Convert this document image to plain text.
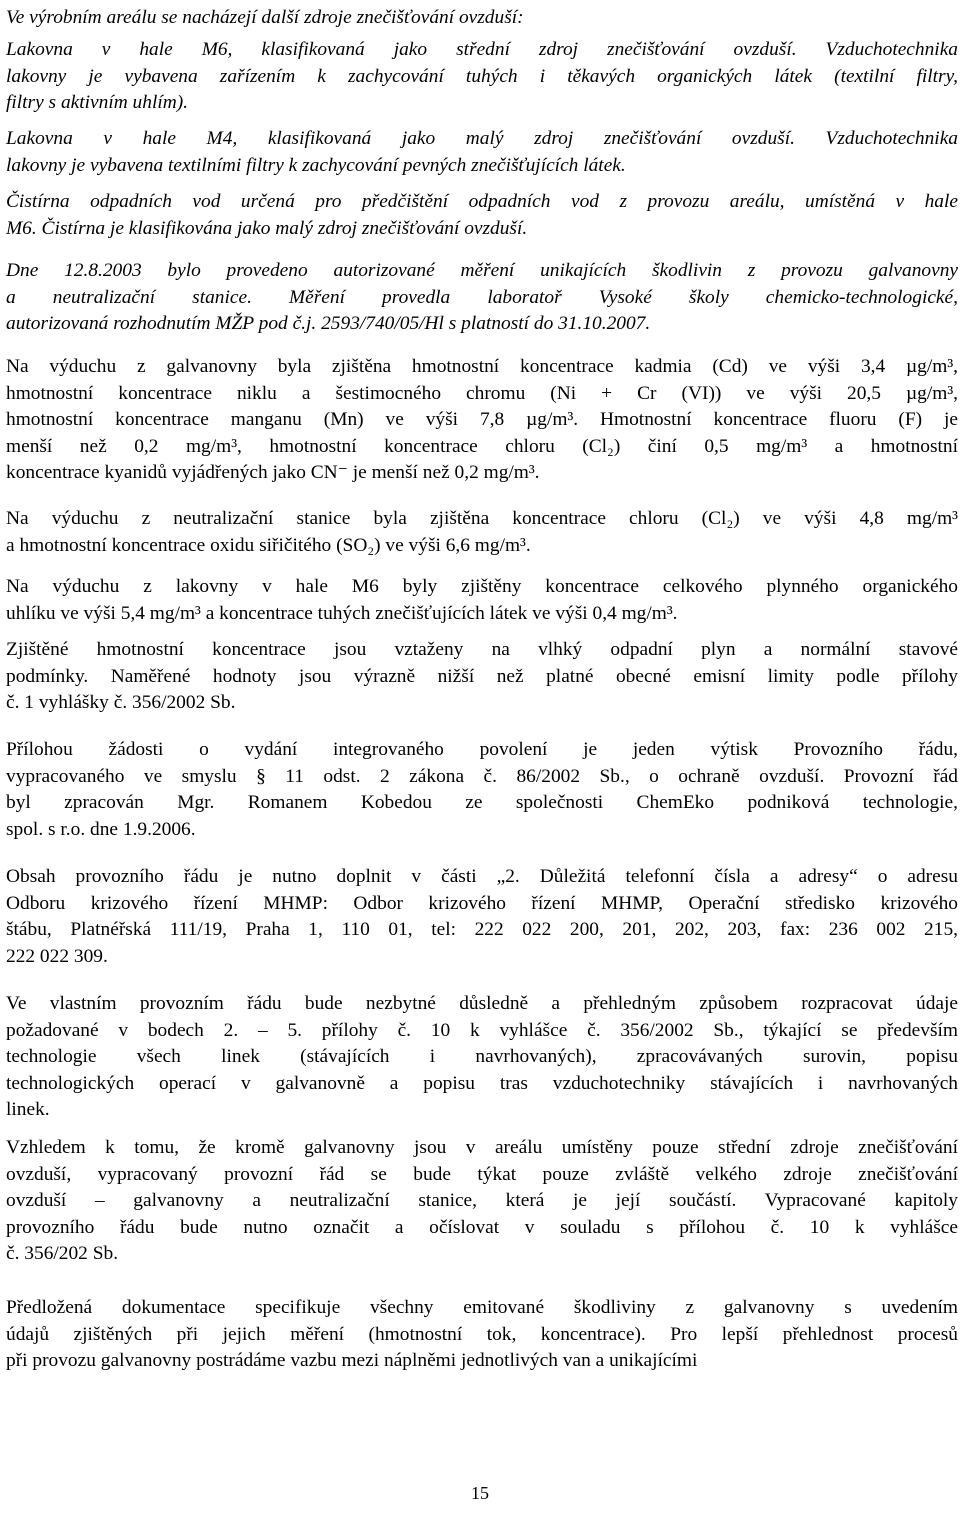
Ve výrobním areálu se nacházejí další zdroje znečišťování ovzduší:

Lakovna v hale M6, klasifikovaná jako střední zdroj znečišťování ovzduší. Vzduchotechnika
lakovny je vybavena zařízením k zachycování tuhých i těkavých organických látek (textilní filtry,
filtry s aktivním uhlím).

Lakovna v hale M4, klasifikovaná jako malý zdroj znečišťování ovzduší. Vzduchotechnika
lakovny je vybavena textilními filtry k zachycování pevných znečišťujících látek.

Čistírna odpadních vod určená pro předčištění odpadních vod z provozu areálu, umístěná v hale
M6. Čistírna je klasifikována jako malý zdroj znečišťování ovzduší.

Dne 12.8.2003 bylo provedeno autorizované měření unikajících škodlivin z provozu galvanovny
a neutralizační stanice. Měření provedla laboratoř Vysoké školy chemicko-technologické,
autorizovaná rozhodnutím MŽP pod č.j. 2593/740/05/Hl s platností do 31.10.2007.

Na výduchu z galvanovny byla zjištěna hmotnostní koncentrace kadmia (Cd) ve výši 3,4 µg/m³,
hmotnostní koncentrace niklu a šestimocného chromu (Ni + Cr (VI)) ve výši 20,5 µg/m³,
hmotnostní koncentrace manganu (Mn) ve výši 7,8 µg/m³. Hmotnostní koncentrace fluoru (F) je
menší než 0,2 mg/m³, hmotnostní koncentrace chloru (Cl₂) činí 0,5 mg/m³ a hmotnostní
koncentrace kyanidů vyjádřených jako CN⁻ je menší než 0,2 mg/m³.

Na výduchu z neutralizační stanice byla zjištěna koncentrace chloru (Cl₂) ve výši 4,8 mg/m³
a hmotnostní koncentrace oxidu siřičitého (SO₂) ve výši 6,6 mg/m³.

Na výduchu z lakovny v hale M6 byly zjištěny koncentrace celkového plynného organického
uhlíku ve výši 5,4 mg/m³ a koncentrace tuhých znečišťujících látek ve výši 0,4 mg/m³.

Zjištěné hmotnostní koncentrace jsou vztaženy na vlhký odpadní plyn a normální stavové
podmínky. Naměřené hodnoty jsou výrazně nižší než platné obecné emisní limity podle přílohy
č. 1 vyhlášky č. 356/2002 Sb.

Přílohou žádosti o vydání integrovaného povolení je jeden výtisk Provozního řádu,
vypracovaného ve smyslu § 11 odst. 2 zákona č. 86/2002 Sb., o ochraně ovzduší. Provozní řád
byl zpracován Mgr. Romanem Kobedou ze společnosti ChemEko podniková technologie,
spol. s r.o. dne 1.9.2006.

Obsah provozního řádu je nutno doplnit v části „2. Důležitá telefonní čísla a adresy“ o adresu
Odboru krizového řízení MHMP: Odbor krizového řízení MHMP, Operační středisko krizového
štábu, Platnéřská 111/19, Praha 1, 110 01, tel: 222 022 200, 201, 202, 203, fax: 236 002 215,
222 022 309.

Ve vlastním provozním řádu bude nezbytné důsledně a přehledným způsobem rozpracovat údaje
požadované v bodech 2. – 5. přílohy č. 10 k vyhlášce č. 356/2002 Sb., týkající se především
technologie všech linek (stávajících i navrhovaných), zpracovávaných surovin, popisu
technologických operací v galvanovně a popisu tras vzduchotechniky stávajících i navrhovaných
linek.

Vzhledem k tomu, že kromě galvanovny jsou v areálu umístěny pouze střední zdroje znečišťování
ovzduší, vypracovaný provozní řád se bude týkat pouze zvláště velkého zdroje znečišťování
ovzduší – galvanovny a neutralizační stanice, která je její součástí. Vypracované kapitoly
provozního řádu bude nutno označit a očíslovat v souladu s přílohou č. 10 k vyhlášce
č. 356/202 Sb.

Předložená dokumentace specifikuje všechny emitované škodliviny z galvanovny s uvedením
údajů zjištěných při jejich měření (hmotnostní tok, koncentrace). Pro lepší přehlednost procesů
při provozu galvanovny postrádáme vazbu mezi náplněmi jednotlivých van a unikajícími

15
